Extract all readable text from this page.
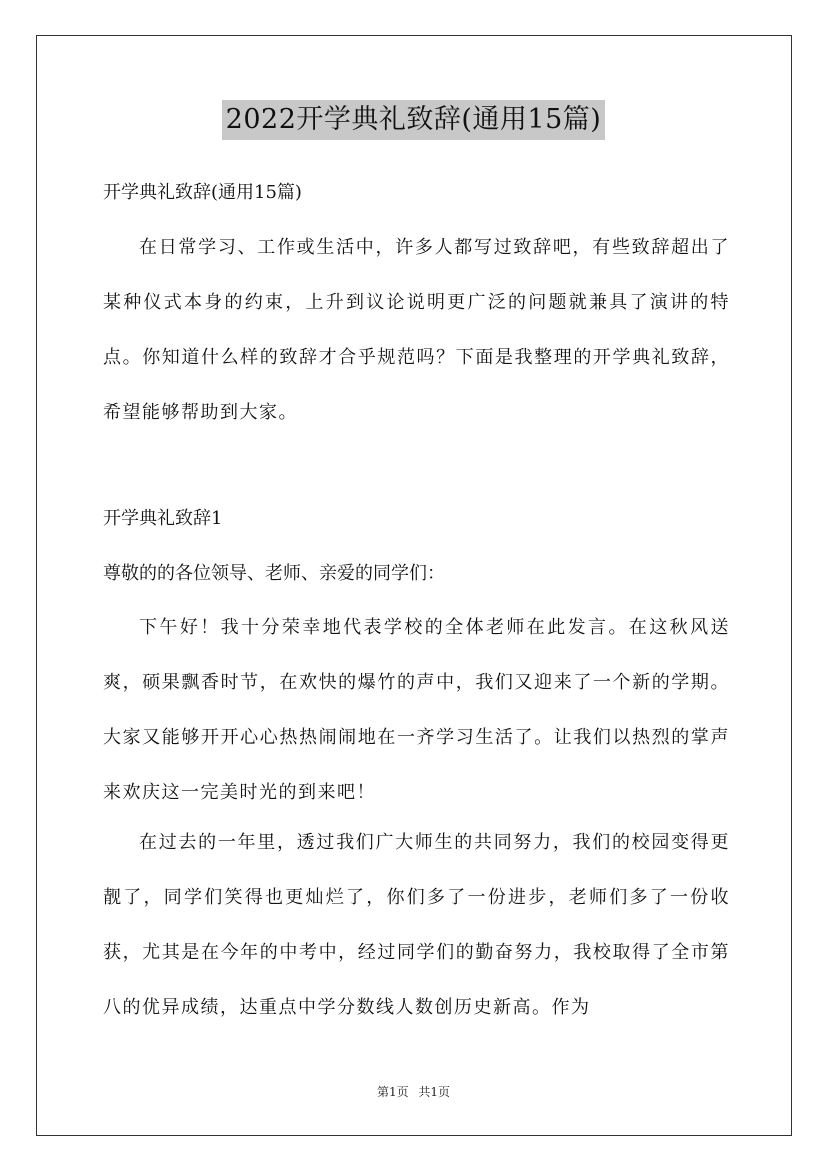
2022开学典礼致辞(通用15篇)
开学典礼致辞(通用15篇)
在日常学习、工作或生活中，许多人都写过致辞吧，有些致辞超出了某种仪式本身的约束，上升到议论说明更广泛的问题就兼具了演讲的特点。你知道什么样的致辞才合乎规范吗？下面是我整理的开学典礼致辞，希望能够帮助到大家。
开学典礼致辞1
尊敬的的各位领导、老师、亲爱的同学们：
下午好！我十分荣幸地代表学校的全体老师在此发言。在这秋风送爽，硕果飘香时节，在欢快的爆竹的声中，我们又迎来了一个新的学期。大家又能够开开心心热热闹闹地在一齐学习生活了。让我们以热烈的掌声来欢庆这一完美时光的到来吧！
在过去的一年里，透过我们广大师生的共同努力，我们的校园变得更靓了，同学们笑得也更灿烂了，你们多了一份进步，老师们多了一份收获，尤其是在今年的中考中，经过同学们的勤奋努力，我校取得了全市第八的优异成绩，达重点中学分数线人数创历史新高。作为
第1页 共1页
